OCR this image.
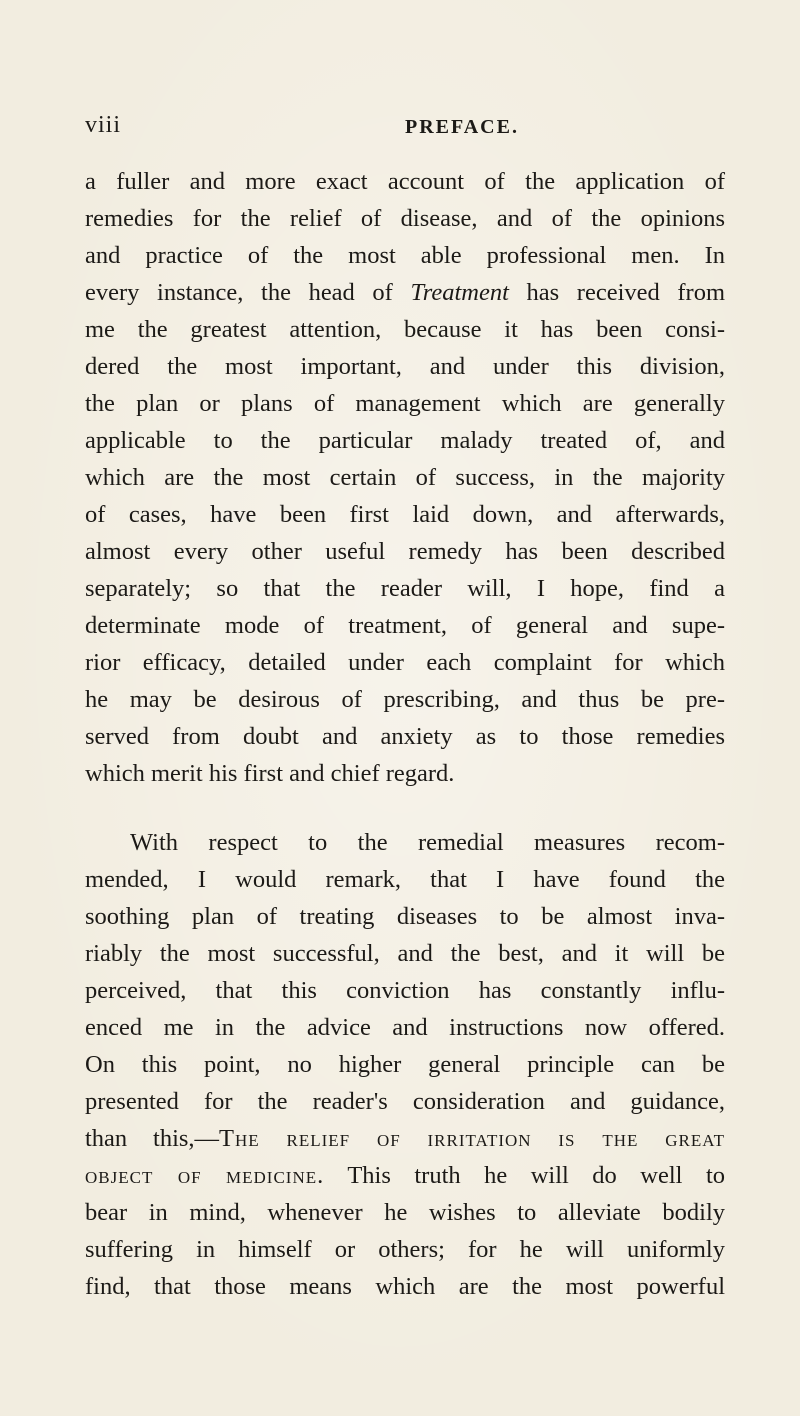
viii	PREFACE.
a fuller and more exact account of the application of
remedies for the relief of disease, and of the opinions
and practice of the most able professional men. In
every instance, the head of Treatment has received from
me the greatest attention, because it has been consi-
dered the most important, and under this division,
the plan or plans of management which are generally
applicable to the particular malady treated of, and
which are the most certain of success, in the majority
of cases, have been first laid down, and afterwards,
almost every other useful remedy has been described
separately; so that the reader will, I hope, find a
determinate mode of treatment, of general and supe-
rior efficacy, detailed under each complaint for which
he may be desirous of prescribing, and thus be pre-
served from doubt and anxiety as to those remedies
which merit his first and chief regard.
With respect to the remedial measures recom-
mended, I would remark, that I have found the
soothing plan of treating diseases to be almost inva-
riably the most successful, and the best, and it will be
perceived, that this conviction has constantly influ-
enced me in the advice and instructions now offered.
On this point, no higher general principle can be
presented for the reader's consideration and guidance,
than this,—The relief of irritation is the great
object of medicine. This truth he will do well to
bear in mind, whenever he wishes to alleviate bodily
suffering in himself or others; for he will uniformly
find, that those means which are the most powerful
